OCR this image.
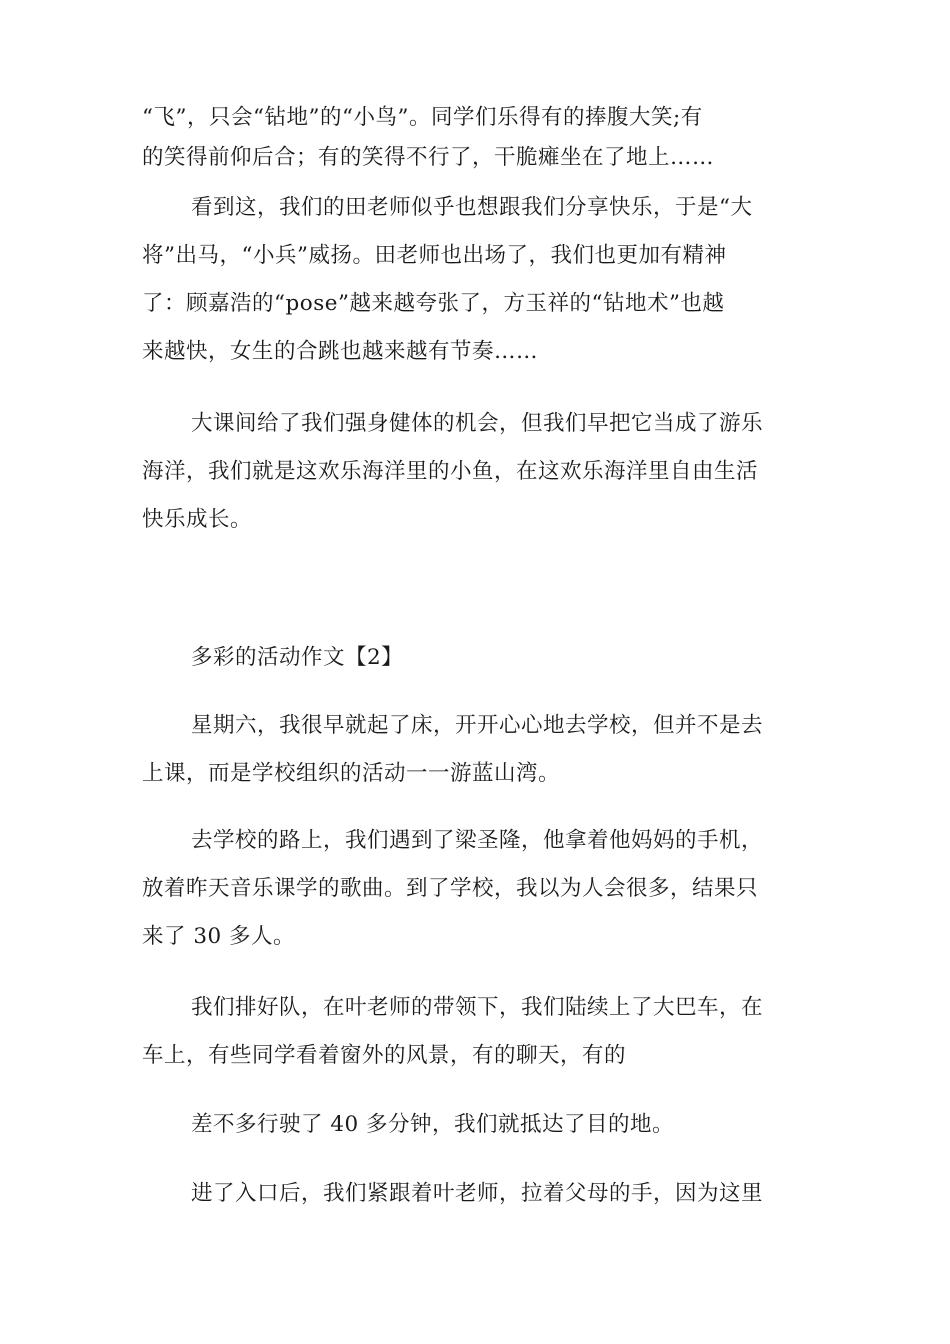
“飞”，只会“钻地”的“小鸟”。同学们乐得有的捧腹大笑;有
的笑得前仰后合；有的笑得不行了，干脆瘫坐在了地上……
看到这，我们的田老师似乎也想跟我们分享快乐，于是“大
将”出马，“小兵”威扬。田老师也出场了，我们也更加有精神
了：顾嘉浩的“pose”越来越夸张了，方玉祥的“钻地术”也越
来越快，女生的合跳也越来越有节奏……
大课间给了我们强身健体的机会，但我们早把它当成了游乐
海洋，我们就是这欢乐海洋里的小鱼，在这欢乐海洋里自由生活
快乐成长。
多彩的活动作文【2】
星期六，我很早就起了床，开开心心地去学校，但并不是去
上课，而是学校组织的活动一一游蓝山湾。
去学校的路上，我们遇到了梁圣隆，他拿着他妈妈的手机，
放着昨天音乐课学的歌曲。到了学校，我以为人会很多，结果只
来了 30 多人。
我们排好队，在叶老师的带领下，我们陆续上了大巴车，在
车上，有些同学看着窗外的风景，有的聊天，有的
差不多行驶了 40 多分钟，我们就抵达了目的地。
进了入口后，我们紧跟着叶老师，拉着父母的手，因为这里
